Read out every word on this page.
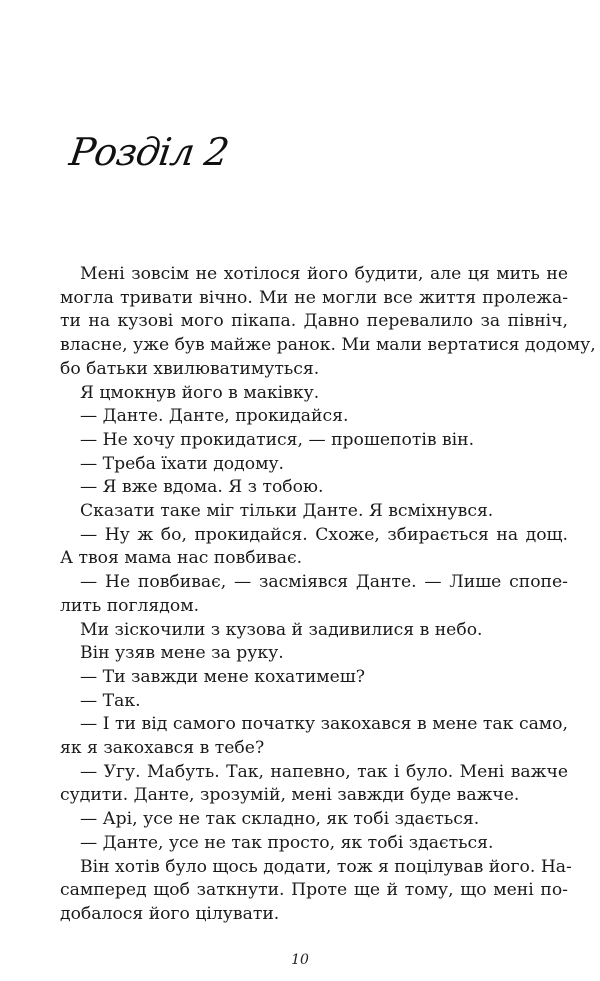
Розділ 2
Мені зовсім не хотілося його будити, але ця мить не
могла тривати вічно. Ми не могли все життя пролежа-
ти на кузові мого пікапа. Давно перевалило за північ,
власне, уже був майже ранок. Ми мали вертатися додому,
бо батьки хвилюватимуться.
Я цмокнув його в маківку.
— Данте. Данте, прокидайся.
— Не хочу прокидатися, — прошепотів він.
— Треба їхати додому.
— Я вже вдома. Я з тобою.
Сказати таке міг тільки Данте. Я всміхнувся.
— Ну ж бо, прокидайся. Схоже, збирається на дощ.
А твоя мама нас повбиває.
— Не повбиває, — засміявся Данте. — Лише спопе-
лить поглядом.
Ми зіскочили з кузова й задивилися в небо.
Він узяв мене за руку.
— Ти завжди мене кохатимеш?
— Так.
— І ти від самого початку закохався в мене так само,
як я закохався в тебе?
— Угу. Мабуть. Так, напевно, так і було. Мені важче
судити. Данте, зрозумій, мені завжди буде важче.
— Арі, усе не так складно, як тобі здається.
— Данте, усе не так просто, як тобі здається.
Він хотів було щось додати, тож я поцілував його. На-
самперед щоб заткнути. Проте ще й тому, що мені по-
добалося його цілувати.
10
